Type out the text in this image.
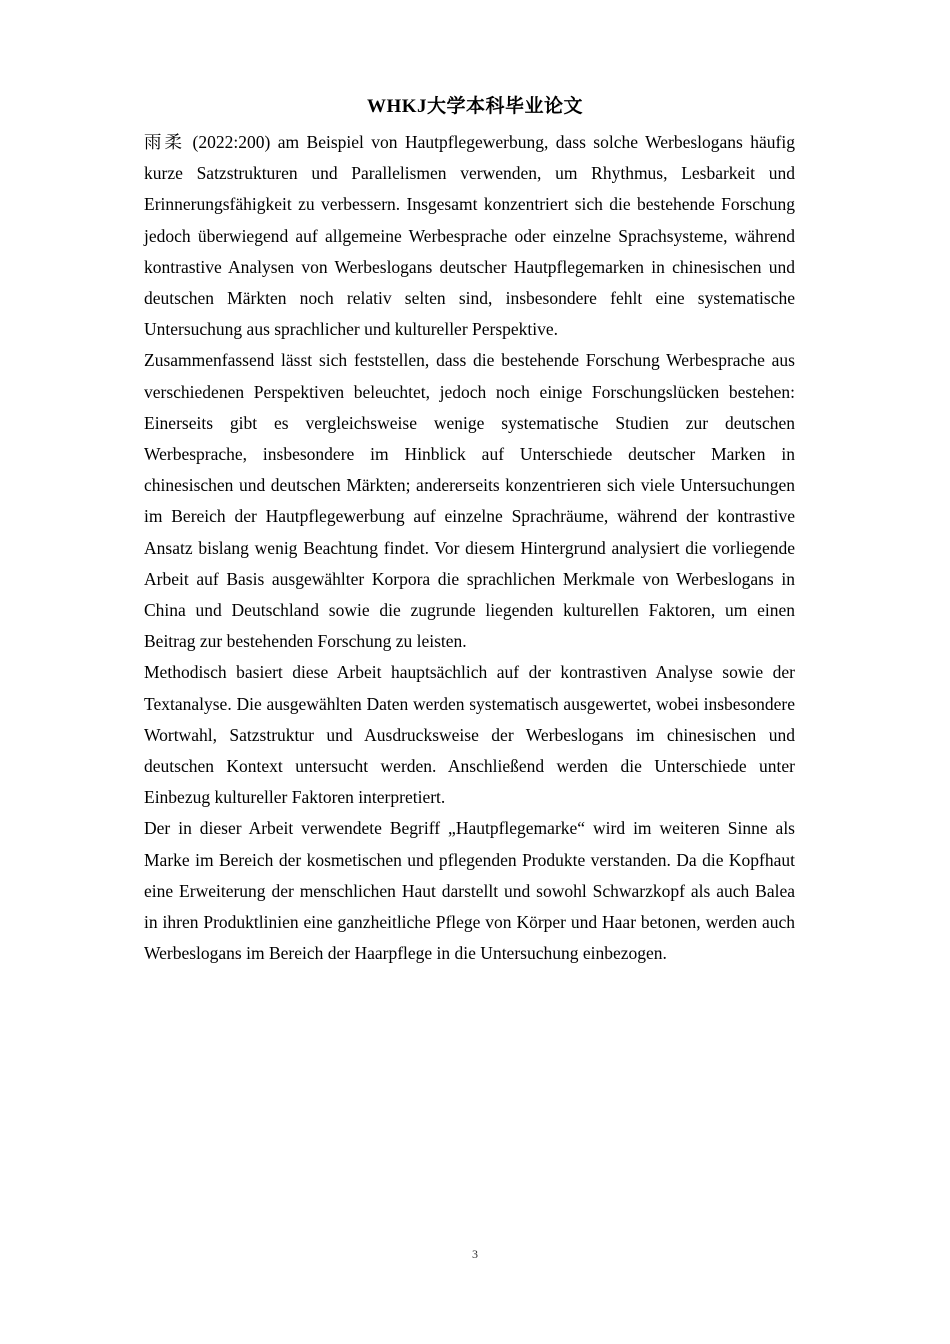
WHKJ大学本科毕业论文

雨柔 (2022:200) am Beispiel von Hautpflegewerbung, dass solche Werbeslogans häufig kurze Satzstrukturen und Parallelismen verwenden, um Rhythmus, Lesbarkeit und Erinnerungsfähigkeit zu verbessern. Insgesamt konzentriert sich die bestehende Forschung jedoch überwiegend auf allgemeine Werbesprache oder einzelne Sprachsysteme, während kontrastive Analysen von Werbeslogans deutscher Hautpflegemarken in chinesischen und deutschen Märkten noch relativ selten sind, insbesondere fehlt eine systematische Untersuchung aus sprachlicher und kultureller Perspektive.

Zusammenfassend lässt sich feststellen, dass die bestehende Forschung Werbesprache aus verschiedenen Perspektiven beleuchtet, jedoch noch einige Forschungslücken bestehen: Einerseits gibt es vergleichsweise wenige systematische Studien zur deutschen Werbesprache, insbesondere im Hinblick auf Unterschiede deutscher Marken in chinesischen und deutschen Märkten; andererseits konzentrieren sich viele Untersuchungen im Bereich der Hautpflegewerbung auf einzelne Sprachräume, während der kontrastive Ansatz bislang wenig Beachtung findet. Vor diesem Hintergrund analysiert die vorliegende Arbeit auf Basis ausgewählter Korpora die sprachlichen Merkmale von Werbeslogans in China und Deutschland sowie die zugrunde liegenden kulturellen Faktoren, um einen Beitrag zur bestehenden Forschung zu leisten.

Methodisch basiert diese Arbeit hauptsächlich auf der kontrastiven Analyse sowie der Textanalyse. Die ausgewählten Daten werden systematisch ausgewertet, wobei insbesondere Wortwahl, Satzstruktur und Ausdrucksweise der Werbeslogans im chinesischen und deutschen Kontext untersucht werden. Anschließend werden die Unterschiede unter Einbezug kultureller Faktoren interpretiert.

Der in dieser Arbeit verwendete Begriff „Hautpflegemarke“ wird im weiteren Sinne als Marke im Bereich der kosmetischen und pflegenden Produkte verstanden. Da die Kopfhaut eine Erweiterung der menschlichen Haut darstellt und sowohl Schwarzkopf als auch Balea in ihren Produktlinien eine ganzheitliche Pflege von Körper und Haar betonen, werden auch Werbeslogans im Bereich der Haarpflege in die Untersuchung einbezogen.

3
